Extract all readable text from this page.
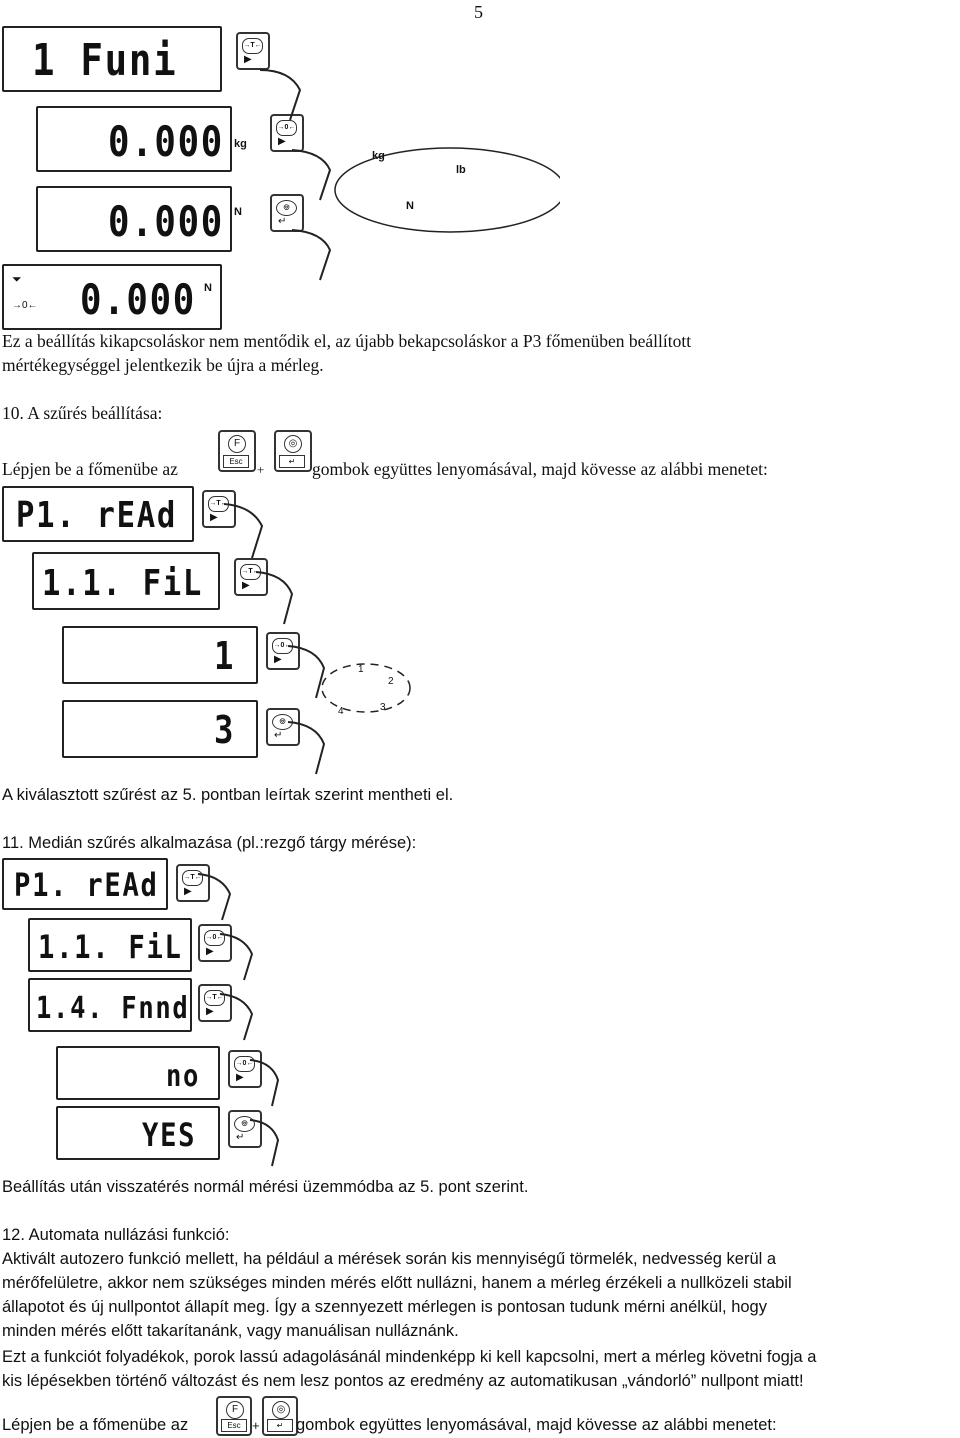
5
1 Funi
0.000 kg
0.000 N
⏷
→0← 0.000 N
→T←
▶
→0←
▶
◎
↵
kg
lb
N
Ez a beállítás kikapcsoláskor nem mentődik el, az újabb bekapcsoláskor a P3 főmenüben beállított
mértékegységgel jelentkezik be újra a mérleg.
10. A szűrés beállítása:
Lépjen be a főmenübe az
F
Esc
+
◎
↵ gombok együttes lenyomásával, majd kövesse az alábbi menetet:
P1. rEAd
1.1. FiL
1
3
→T←
▶
→T←
▶
→0←
▶
◎
↵
1
2
3
4
A kiválasztott szűrést az 5. pontban leírtak szerint mentheti el.
11. Medián szűrés alkalmazása (pl.:rezgő tárgy mérése):
P1. rEAd
1.1. FiL
1.4. Fnnd
no
YES
→T←
▶
→0←
▶
→T←
▶
→0←
▶
◎
↵
Beállítás után visszatérés normál mérési üzemmódba az 5. pont szerint.
12. Automata nullázási funkció:
Aktivált autozero funkció mellett, ha például a mérések során kis mennyiségű törmelék, nedvesség kerül a
mérőfelületre, akkor nem szükséges minden mérés előtt nullázni, hanem a mérleg érzékeli a nullközeli stabil
állapotot és új nullpontot állapít meg. Így a szennyezett mérlegen is pontosan tudunk mérni anélkül, hogy
minden mérés előtt takarítanánk, vagy manuálisan nulláznánk.
Ezt a funkciót folyadékok, porok lassú adagolásánál mindenképp ki kell kapcsolni, mert a mérleg követni fogja a
kis lépésekben történő változást és nem lesz pontos az eredmény az automatikusan „vándorló” nullpont miatt!
Lépjen be a főmenübe az
F
Esc +
◎
↵ gombok együttes lenyomásával, majd kövesse az alábbi menetet:
